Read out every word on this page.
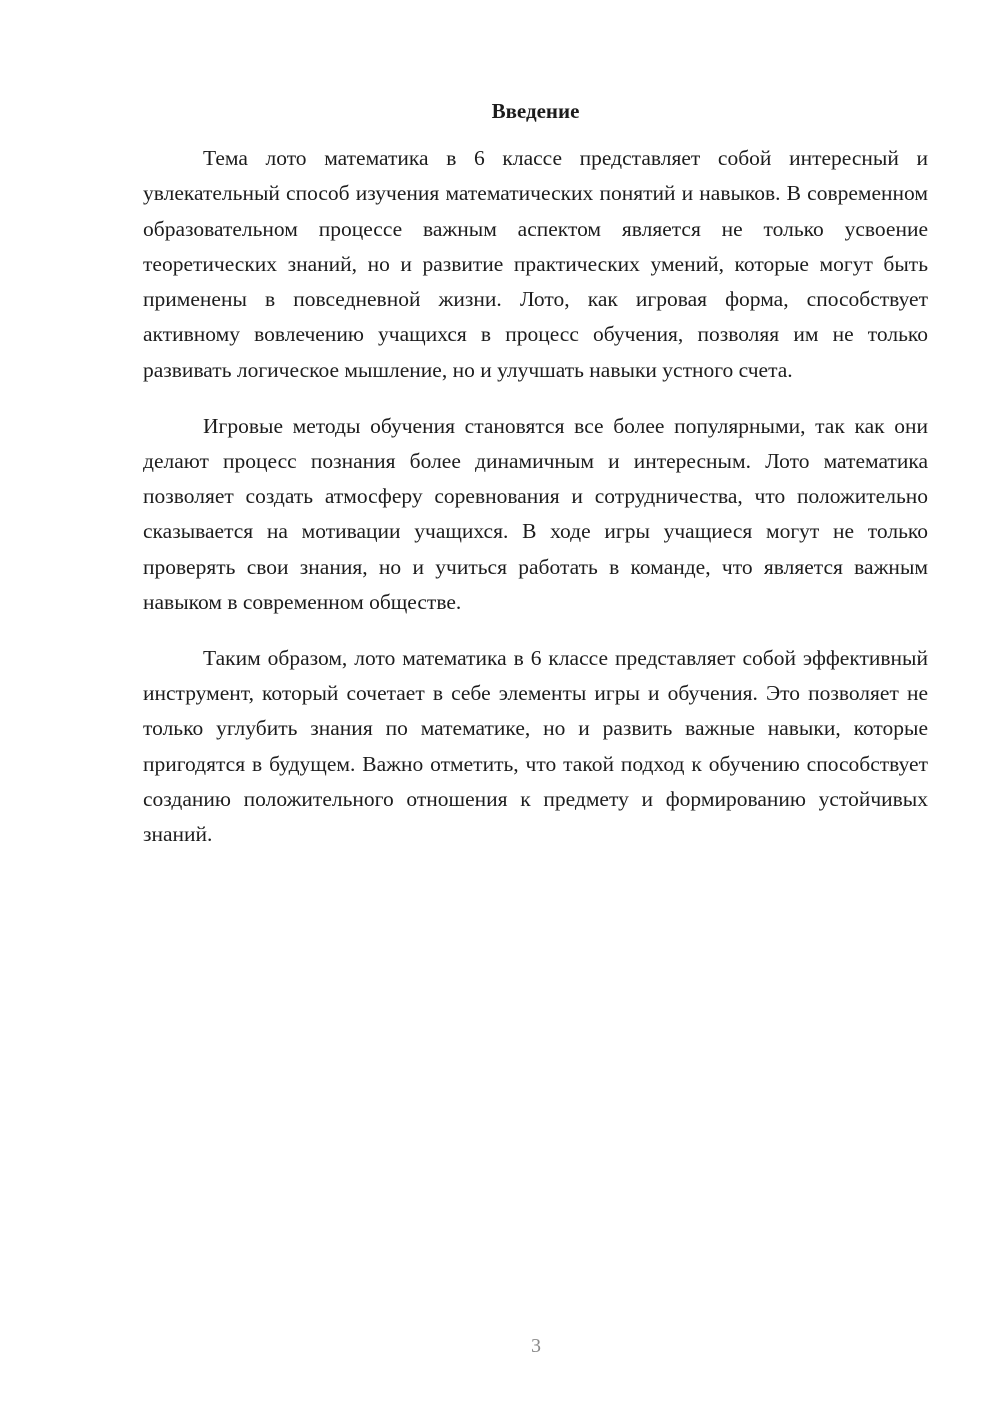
Введение

Тема лото математика в 6 классе представляет собой интересный и увлекательный способ изучения математических понятий и навыков. В современном образовательном процессе важным аспектом является не только усвоение теоретических знаний, но и развитие практических умений, которые могут быть применены в повседневной жизни. Лото, как игровая форма, способствует активному вовлечению учащихся в процесс обучения, позволяя им не только развивать логическое мышление, но и улучшать навыки устного счета.

Игровые методы обучения становятся все более популярными, так как они делают процесс познания более динамичным и интересным. Лото математика позволяет создать атмосферу соревнования и сотрудничества, что положительно сказывается на мотивации учащихся. В ходе игры учащиеся могут не только проверять свои знания, но и учиться работать в команде, что является важным навыком в современном обществе.

Таким образом, лото математика в 6 классе представляет собой эффективный инструмент, который сочетает в себе элементы игры и обучения. Это позволяет не только углубить знания по математике, но и развить важные навыки, которые пригодятся в будущем. Важно отметить, что такой подход к обучению способствует созданию положительного отношения к предмету и формированию устойчивых знаний.

3
